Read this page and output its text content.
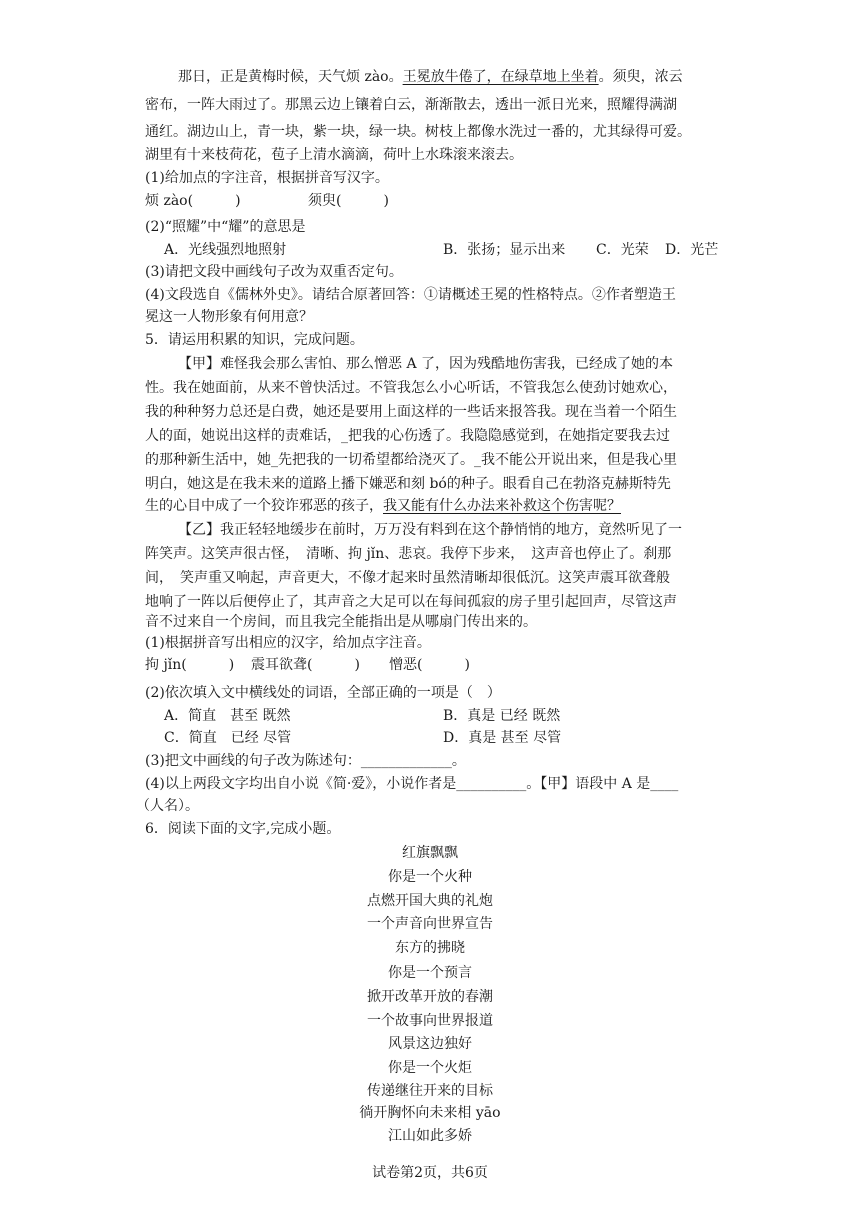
那日，正是黄梅时候，天气烦 zào。王冕放牛倦了，在绿草地上坐着。须臾，浓云
密布，一阵大雨过了。那黑云边上镶着白云，渐渐散去，透出一派日光来，照耀得满湖
通红。湖边山上，青一块，紫一块，绿一块。树枝上都像水洗过一番的，尤其绿得可爱。
湖里有十来枝荷花，苞子上清水滴滴，荷叶上水珠滚来滚去。
(1)给加点的字注音，根据拼音写汉字。
烦 zào(　　　)	须臾(　　　)
(2)“照耀”中“耀”的意思是
A．光线强烈地照射	B．张扬；显示出来 C．光荣 D．光芒
(3)请把文段中画线句子改为双重否定句。
(4)文段选自《儒林外史》。请结合原著回答：①请概述王冕的性格特点。②作者塑造王
冕这一人物形象有何用意？
5．请运用积累的知识，完成问题。
【甲】难怪我会那么害怕、那么憎恶 A 了，因为残酷地伤害我，已经成了她的本
性。我在她面前，从来不曾快活过。不管我怎么小心听话，不管我怎么使劲讨她欢心，
我的种种努力总还是白费，她还是要用上面这样的一些话来报答我。现在当着一个陌生
人的面，她说出这样的责难话，_把我的心伤透了。我隐隐感觉到，在她指定要我去过
的那种新生活中，她_先把我的一切希望都给浇灭了。_我不能公开说出来，但是我心里
明白，她这是在我未来的道路上播下嫌恶和刻 bó的种子。眼看自己在勃洛克赫斯特先
生的心目中成了一个狡诈邪恶的孩子，我又能有什么办法来补救这个伤害呢？
【乙】我正轻轻地缓步在前时，万万没有料到在这个静悄悄的地方，竟然听见了一
阵笑声。这笑声很古怪，　清晰、拘 jǐn、悲哀。我停下步来，　这声音也停止了。刹那
间，　笑声重又响起，声音更大，不像才起来时虽然清晰却很低沉。这笑声震耳欲聋般
地响了一阵以后便停止了，其声音之大足可以在每间孤寂的房子里引起回声，尽管这声
音不过来自一个房间，而且我完全能指出是从哪扇门传出来的。
(1)根据拼音写出相应的汉字，给加点字注音。
拘 jǐn(　　　) 震耳欲聋(　　　) 憎恶(　　　)
(2)依次填入文中横线处的词语，全部正确的一项是（　）
A．简直　甚至 既然	B．真是 已经 既然
C．简直　已经 尽管	D．真是 甚至 尽管
(3)把文中画线的句子改为陈述句：_____________。
(4)以上两段文字均出自小说《简·爱》，小说作者是__________。【甲】语段中 A 是____
（人名）。
6．阅读下面的文字,完成小题。
红旗飘飘
你是一个火种
点燃开国大典的礼炮
一个声音向世界宣告
东方的拂晓
你是一个预言
掀开改革开放的春潮
一个故事向世界报道
风景这边独好
你是一个火炬
传递继往开来的目标
徜开胸怀向未来相 yāo
江山如此多娇
试卷第2页，共6页
